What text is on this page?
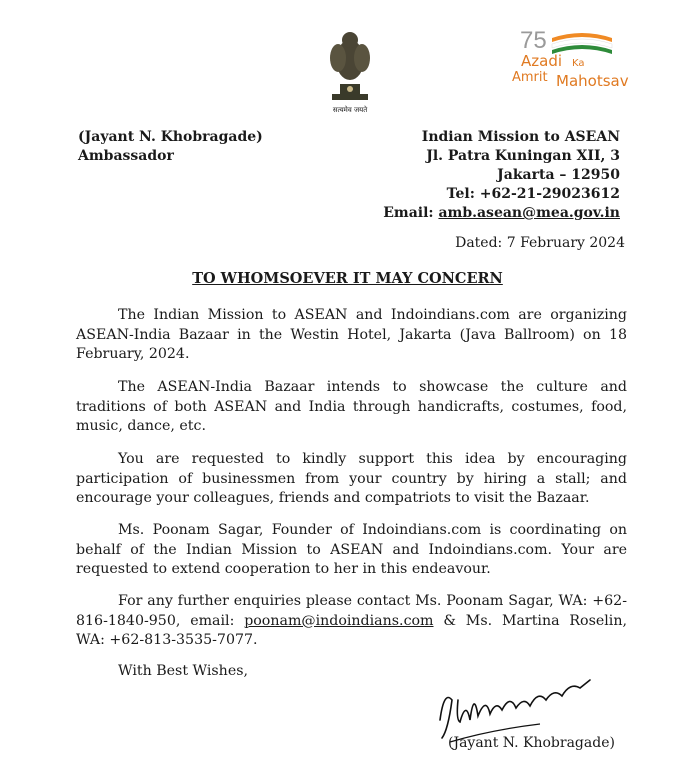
सत्यमेव जयते
75
Azadi Ka
Amrit Mahotsav
(Jayant N. Khobragade)
Ambassador
Indian Mission to ASEAN
Jl. Patra Kuningan XII, 3
Jakarta – 12950
Tel: +62-21-29023612
Email: amb.asean@mea.gov.in
Dated: 7 February 2024
TO WHOMSOEVER IT MAY CONCERN
The Indian Mission to ASEAN and Indoindians.com are organizing ASEAN-India Bazaar in the Westin Hotel, Jakarta (Java Ballroom) on 18 February, 2024.
The ASEAN-India Bazaar intends to showcase the culture and traditions of both ASEAN and India through handicrafts, costumes, food, music, dance, etc.
You are requested to kindly support this idea by encouraging participation of businessmen from your country by hiring a stall; and encourage your colleagues, friends and compatriots to visit the Bazaar.
Ms. Poonam Sagar, Founder of Indoindians.com is coordinating on behalf of the Indian Mission to ASEAN and Indoindians.com. Your are requested to extend cooperation to her in this endeavour.
For any further enquiries please contact Ms. Poonam Sagar, WA: +62-816-1840-950, email: poonam@indoindians.com & Ms. Martina Roselin, WA: +62-813-3535-7077.
With Best Wishes,
(Jayant N. Khobragade)
